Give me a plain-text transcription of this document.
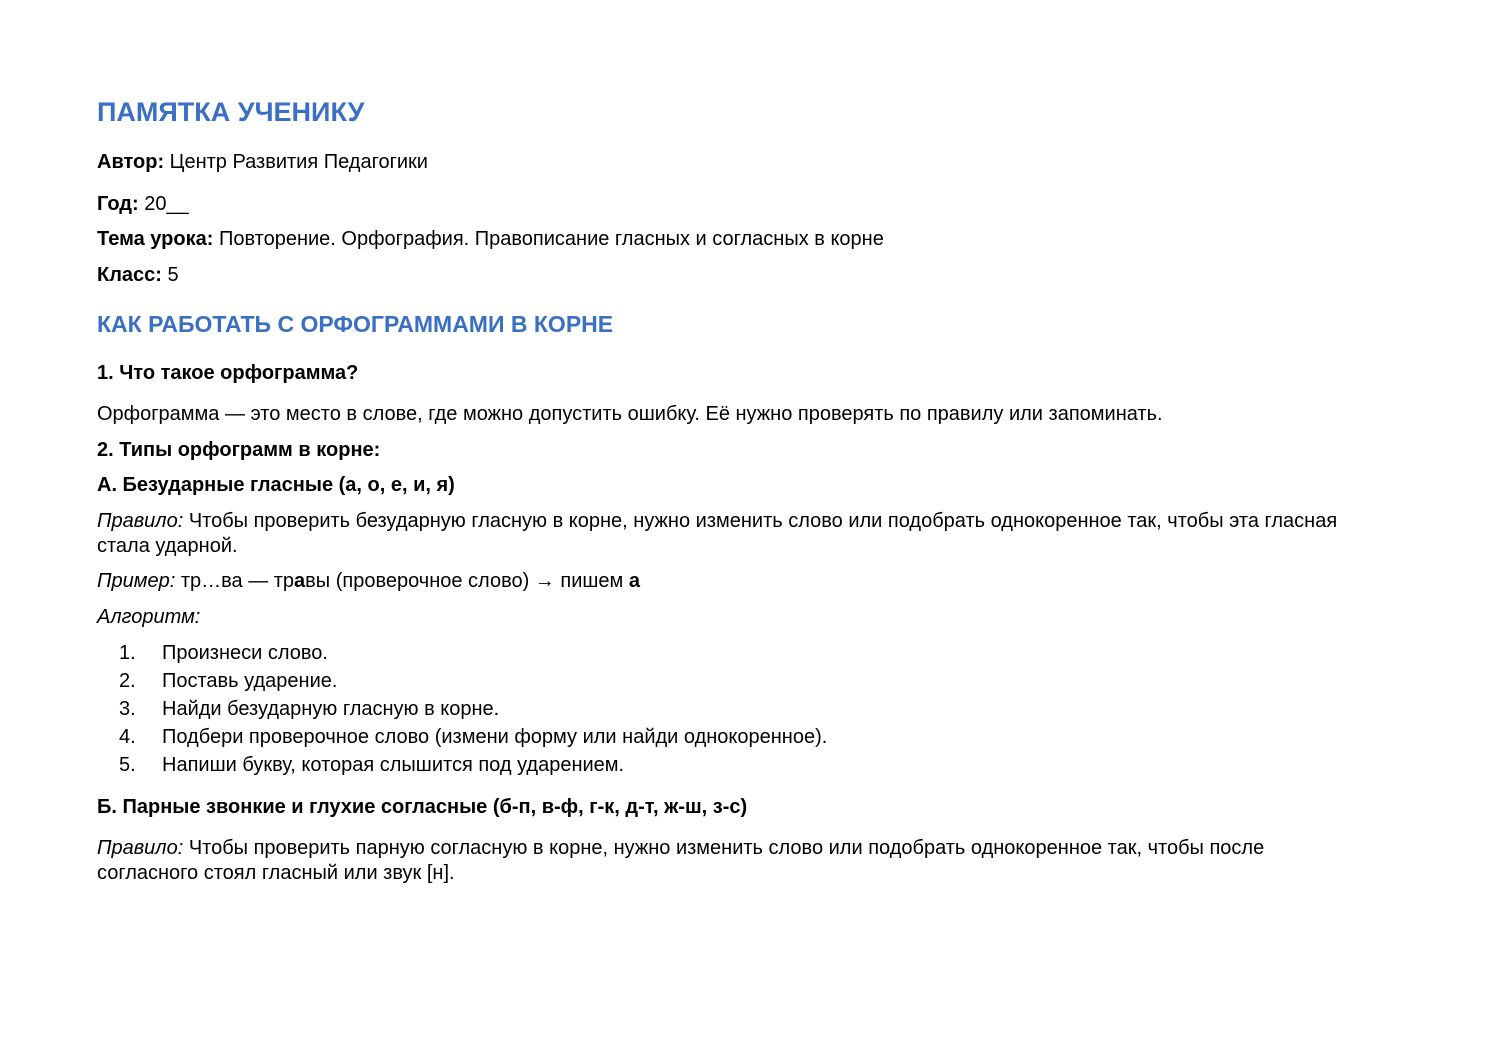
ПАМЯТКА УЧЕНИКУ

Автор: Центр Развития Педагогики

Год: 20__

Тема урока: Повторение. Орфография. Правописание гласных и согласных в корне

Класс: 5

КАК РАБОТАТЬ С ОРФОГРАММАМИ В КОРНЕ

1. Что такое орфограмма?

Орфограмма — это место в слове, где можно допустить ошибку. Её нужно проверять по правилу или запоминать.

2. Типы орфограмм в корне:

А. Безударные гласные (а, о, е, и, я)

Правило: Чтобы проверить безударную гласную в корне, нужно изменить слово или подобрать однокоренное так, чтобы эта гласная стала ударной.

Пример: тр…ва — травы (проверочное слово) → пишем а

Алгоритм:

1. Произнеси слово.
2. Поставь ударение.
3. Найди безударную гласную в корне.
4. Подбери проверочное слово (измени форму или найди однокоренное).
5. Напиши букву, которая слышится под ударением.

Б. Парные звонкие и глухие согласные (б-п, в-ф, г-к, д-т, ж-ш, з-с)

Правило: Чтобы проверить парную согласную в корне, нужно изменить слово или подобрать однокоренное так, чтобы после согласного стоял гласный или звук [н].
